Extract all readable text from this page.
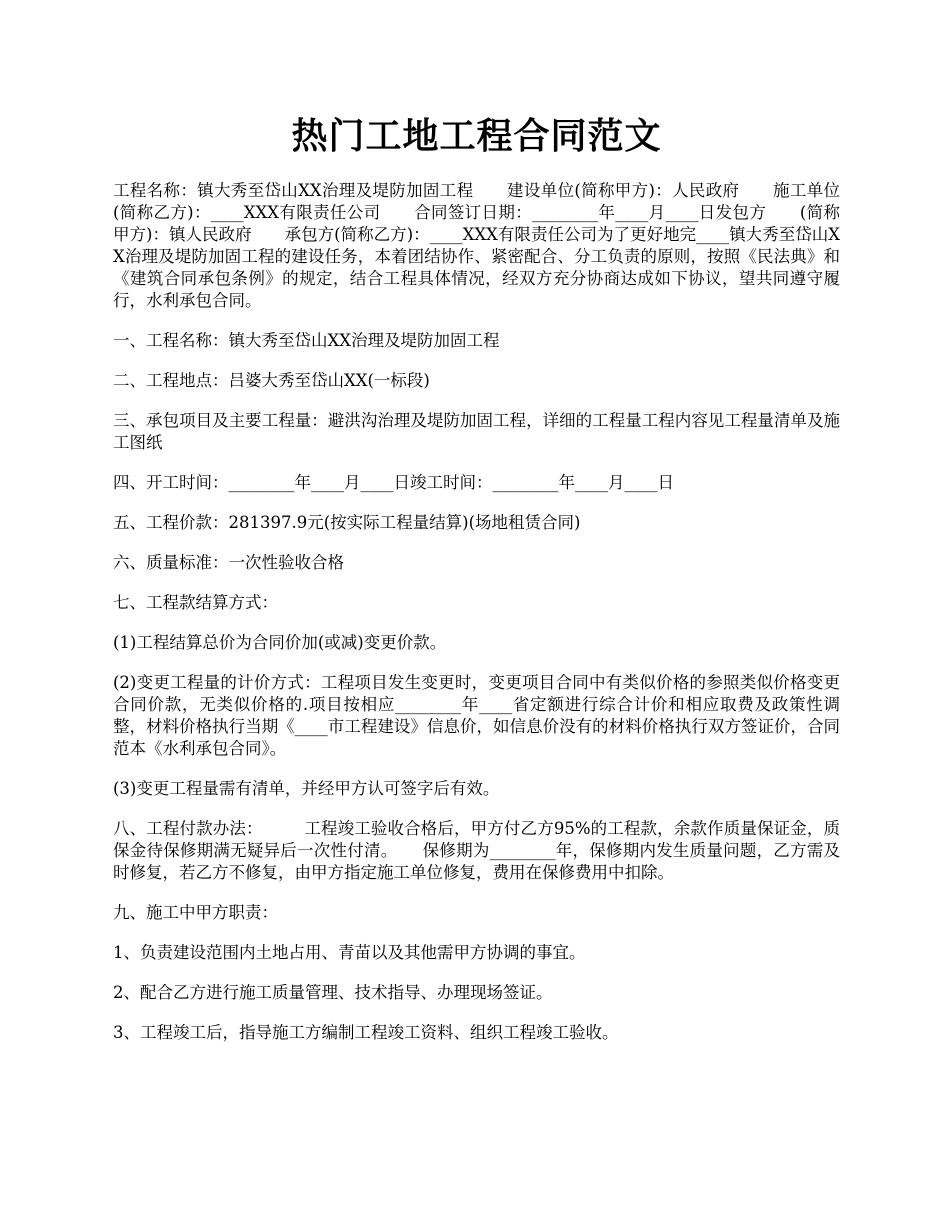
热门工地工程合同范文

工程名称：镇大秀至岱山XX治理及堤防加固工程　　建设单位(简称甲方)：人民政府　　施工单位(简称乙方)：____XXX有限责任公司　　合同签订日期：________年____月____日发包方　　(简称甲方)：镇人民政府　　承包方(简称乙方)：____XXX有限责任公司为了更好地完____镇大秀至岱山XX治理及堤防加固工程的建设任务，本着团结协作、紧密配合、分工负责的原则，按照《民法典》和《建筑合同承包条例》的规定，结合工程具体情况，经双方充分协商达成如下协议，望共同遵守履行，水利承包合同。

一、工程名称：镇大秀至岱山XX治理及堤防加固工程

二、工程地点：吕婆大秀至岱山XX(一标段)

三、承包项目及主要工程量：避洪沟治理及堤防加固工程，详细的工程量工程内容见工程量清单及施工图纸

四、开工时间：________年____月____日竣工时间：________年____月____日

五、工程价款：281397.9元(按实际工程量结算)(场地租赁合同)

六、质量标准：一次性验收合格

七、工程款结算方式：

(1)工程结算总价为合同价加(或减)变更价款。

(2)变更工程量的计价方式：工程项目发生变更时，变更项目合同中有类似价格的参照类似价格变更合同价款，无类似价格的.项目按相应________年____省定额进行综合计价和相应取费及政策性调整，材料价格执行当期《____市工程建设》信息价，如信息价没有的材料价格执行双方签证价，合同范本《水利承包合同》。

(3)变更工程量需有清单，并经甲方认可签字后有效。

八、工程付款办法：　　　工程竣工验收合格后，甲方付乙方95%的工程款，余款作质量保证金，质保金待保修期满无疑异后一次性付清。　　保修期为________年，保修期内发生质量问题，乙方需及时修复，若乙方不修复，由甲方指定施工单位修复，费用在保修费用中扣除。

九、施工中甲方职责：

1、负责建设范围内土地占用、青苗以及其他需甲方协调的事宜。

2、配合乙方进行施工质量管理、技术指导、办理现场签证。

3、工程竣工后，指导施工方编制工程竣工资料、组织工程竣工验收。
